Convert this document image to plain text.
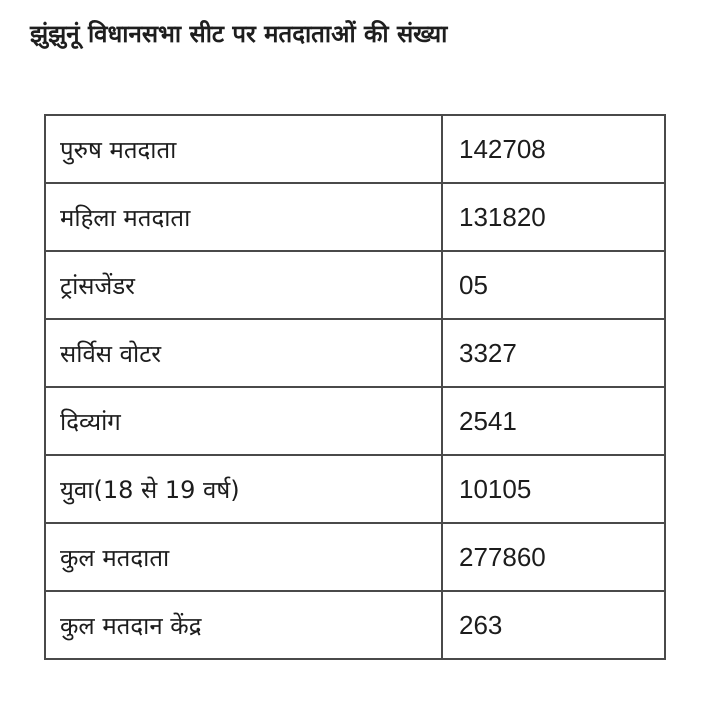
झुंझुनूं विधानसभा सीट पर मतदाताओं की संख्या
पुरुष मतदाता	142708
महिला मतदाता	131820
ट्रांसजेंडर	05
सर्विस वोटर	3327
दिव्यांग	2541
युवा(18 से 19 वर्ष)	10105
कुल मतदाता	277860
कुल मतदान केंद्र	263
